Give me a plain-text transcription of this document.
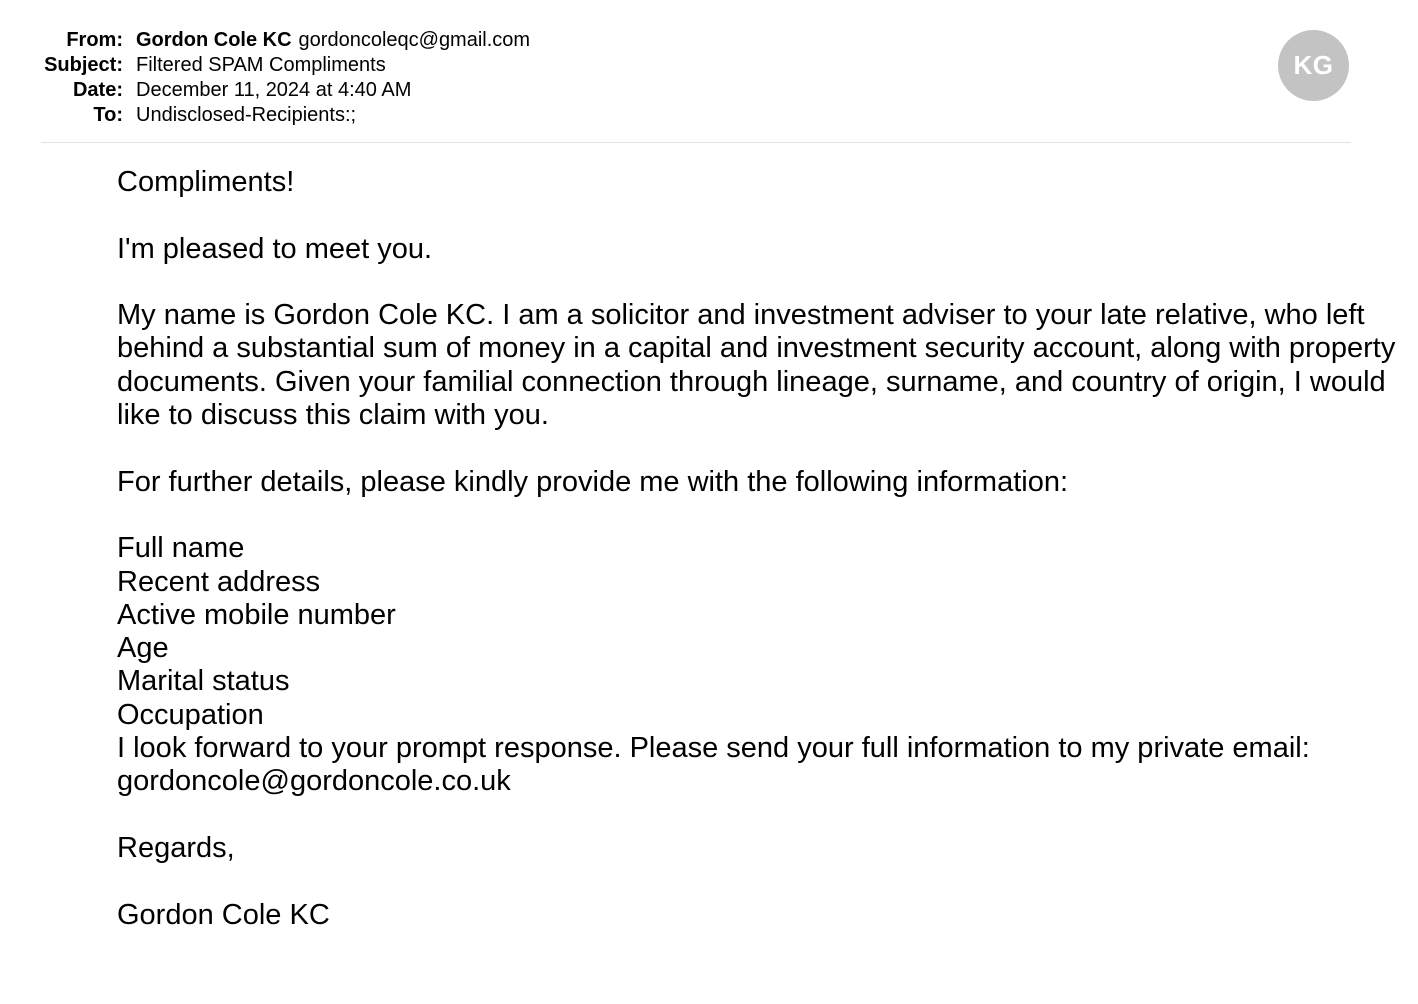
From: Gordon Cole KC gordoncoleqc@gmail.com
Subject: Filtered SPAM Compliments
Date: December 11, 2024 at 4:40 AM
To: Undisclosed-Recipients:;
KG

Compliments!

I'm pleased to meet you.

My name is Gordon Cole KC. I am a solicitor and investment adviser to your late relative, who left behind a substantial sum of money in a capital and investment security account, along with property documents. Given your familial connection through lineage, surname, and country of origin, I would like to discuss this claim with you.

For further details, please kindly provide me with the following information:

Full name
Recent address
Active mobile number
Age
Marital status
Occupation

I look forward to your prompt response. Please send your full information to my private email: gordoncole@gordoncole.co.uk

Regards,

Gordon Cole KC
